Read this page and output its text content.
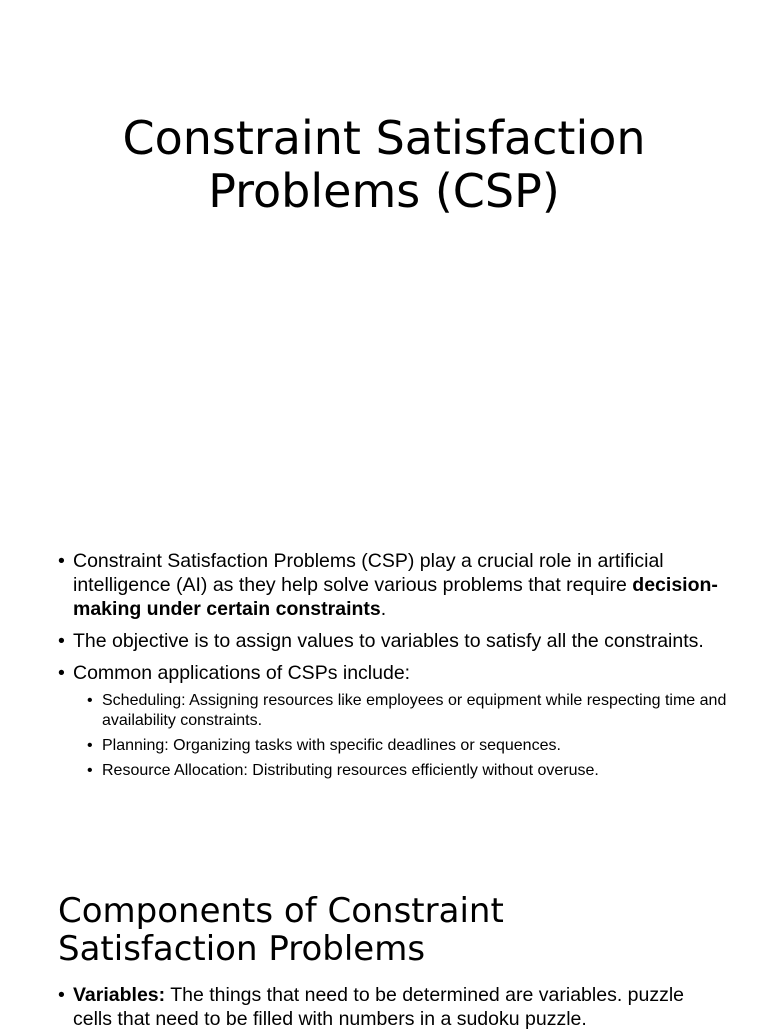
Constraint Satisfaction
Problems (CSP)
• Constraint Satisfaction Problems (CSP) play a crucial role in artificial intelligence (AI) as they help solve various problems that require decision-making under certain constraints.
• The objective is to assign values to variables to satisfy all the constraints.
• Common applications of CSPs include:
• Scheduling: Assigning resources like employees or equipment while respecting time and availability constraints.
• Planning: Organizing tasks with specific deadlines or sequences.
• Resource Allocation: Distributing resources efficiently without overuse.
Components of Constraint
Satisfaction Problems
• Variables: The things that need to be determined are variables. puzzle cells that need to be filled with numbers in a sudoku puzzle.
